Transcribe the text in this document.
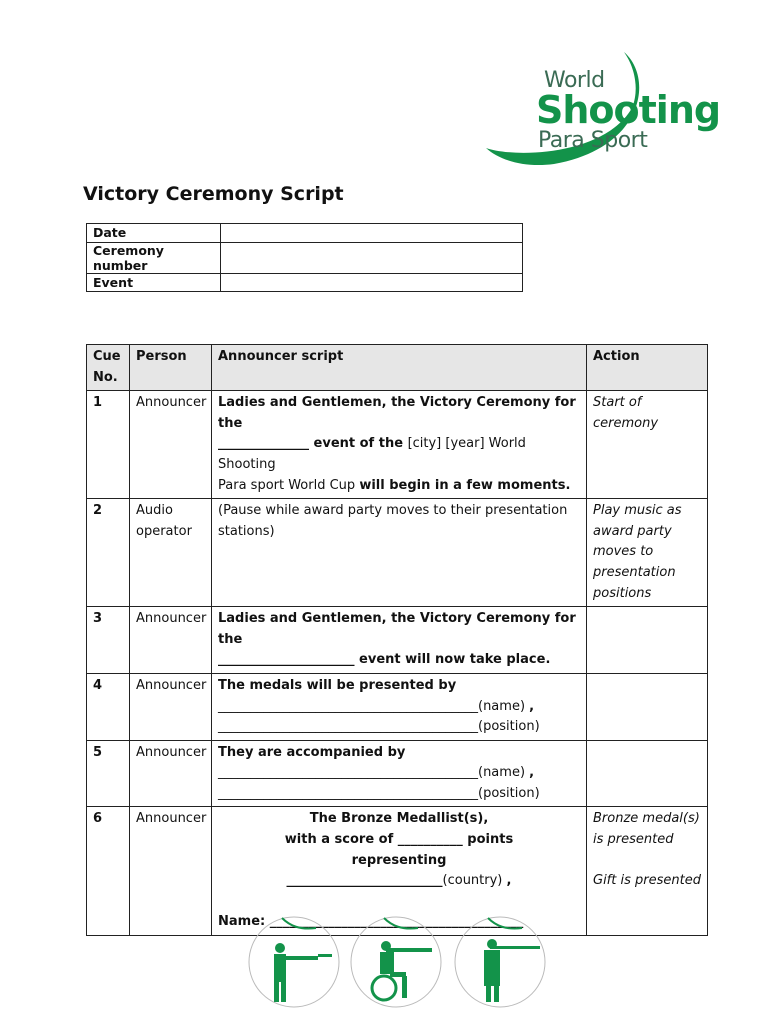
World
Shooting
Para Sport
Victory Ceremony Script
Date	
Ceremony number	
Event	
Cue
No.	Person	Announcer script	Action
1	Announcer	Ladies and Gentlemen, the Victory Ceremony for the
______________ event of the [city] [year] World Shooting
Para sport World Cup will begin in a few moments.	Start of
ceremony
2	Audio
operator	(Pause while award party moves to their presentation
stations)	Play music as
award party
moves to
presentation
positions
3	Announcer	Ladies and Gentlemen, the Victory Ceremony for the
_____________________ event will now take place.	
4	Announcer	The medals will be presented by
________________________________________(name) ,
________________________________________(position)	
5	Announcer	They are accompanied by
________________________________________(name) ,
________________________________________(position)	
6	Announcer	The Bronze Medallist(s),
with a score of __________ points
representing
________________________(country) ,
Name: _______________________________________	Bronze medal(s)
is presented

Gift is presented
